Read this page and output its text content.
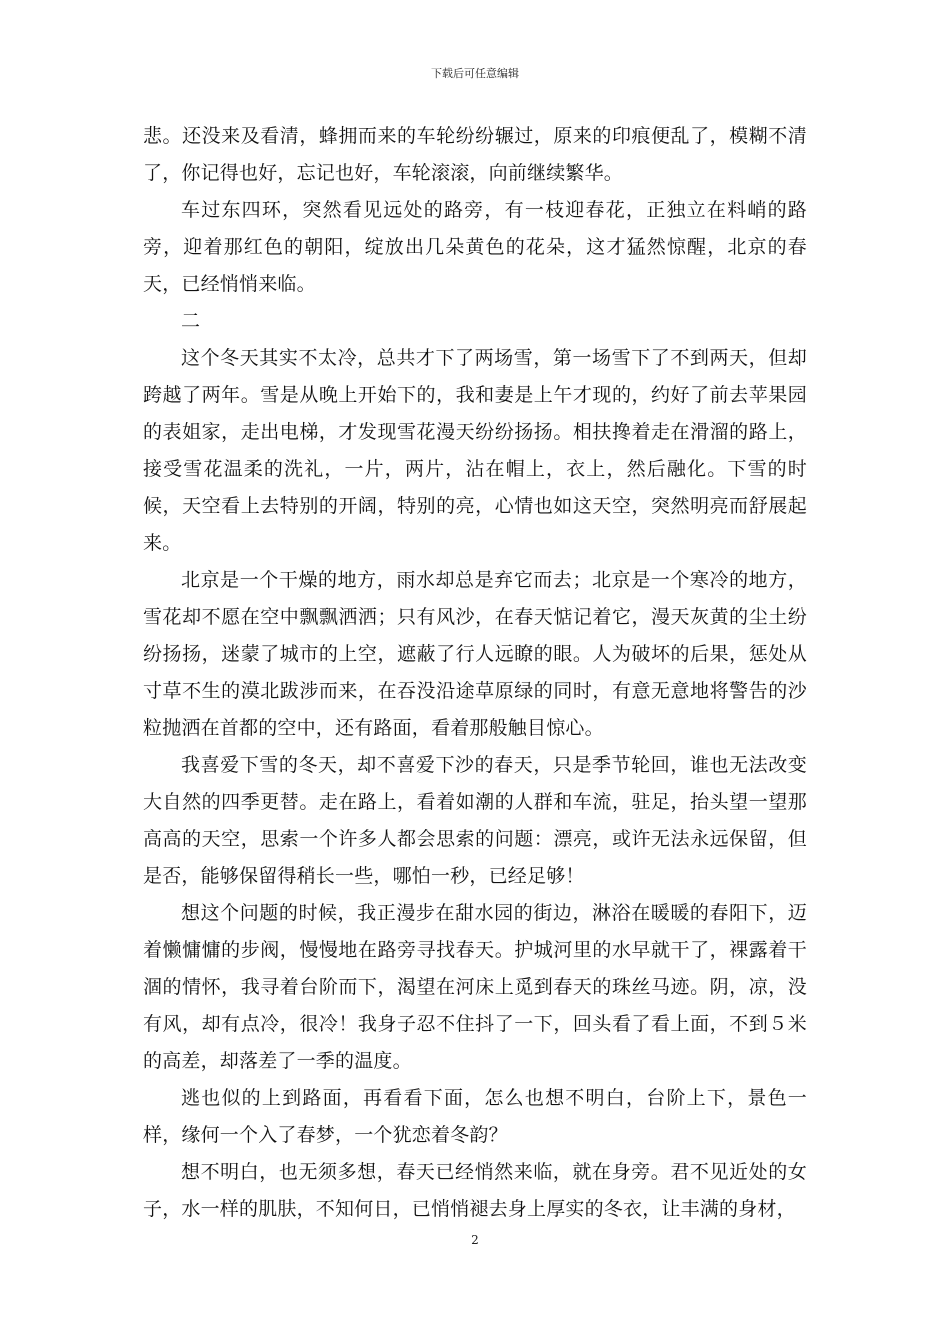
下载后可任意编辑

悲。还没来及看清，蜂拥而来的车轮纷纷辗过，原来的印痕便乱了，模糊不清了，你记得也好，忘记也好，车轮滚滚，向前继续繁华。

车过东四环，突然看见远处的路旁，有一枝迎春花，正独立在料峭的路旁，迎着那红色的朝阳，绽放出几朵黄色的花朵，这才猛然惊醒，北京的春天，已经悄悄来临。

二

这个冬天其实不太冷，总共才下了两场雪，第一场雪下了不到两天，但却跨越了两年。雪是从晚上开始下的，我和妻是上午才现的，约好了前去苹果园的表姐家，走出电梯，才发现雪花漫天纷纷扬扬。相扶搀着走在滑溜的路上，接受雪花温柔的洗礼，一片，两片，沾在帽上，衣上，然后融化。下雪的时候，天空看上去特别的开阔，特别的亮，心情也如这天空，突然明亮而舒展起来。

北京是一个干燥的地方，雨水却总是弃它而去；北京是一个寒冷的地方，雪花却不愿在空中飘飘洒洒；只有风沙，在春天惦记着它，漫天灰黄的尘土纷纷扬扬，迷蒙了城市的上空，遮蔽了行人远瞭的眼。人为破坏的后果，惩处从寸草不生的漠北跋涉而来，在吞没沿途草原绿的同时，有意无意地将警告的沙粒抛洒在首都的空中，还有路面，看着那般触目惊心。

我喜爱下雪的冬天，却不喜爱下沙的春天，只是季节轮回，谁也无法改变大自然的四季更替。走在路上，看着如潮的人群和车流，驻足，抬头望一望那高高的天空，思索一个许多人都会思索的问题：漂亮，或许无法永远保留，但是否，能够保留得稍长一些，哪怕一秒，已经足够！

想这个问题的时候，我正漫步在甜水园的街边，淋浴在暖暖的春阳下，迈着懒慵慵的步阀，慢慢地在路旁寻找春天。护城河里的水早就干了，裸露着干涸的情怀，我寻着台阶而下，渴望在河床上觅到春天的珠丝马迹。阴，凉，没有风，却有点冷，很冷！我身子忍不住抖了一下，回头看了看上面，不到５米的高差，却落差了一季的温度。

逃也似的上到路面，再看看下面，怎么也想不明白，台阶上下，景色一样，缘何一个入了春梦，一个犹恋着冬韵？

想不明白，也无须多想，春天已经悄然来临，就在身旁。君不见近处的女子，水一样的肌肤，不知何日，已悄悄褪去身上厚实的冬衣，让丰满的身材，

2
